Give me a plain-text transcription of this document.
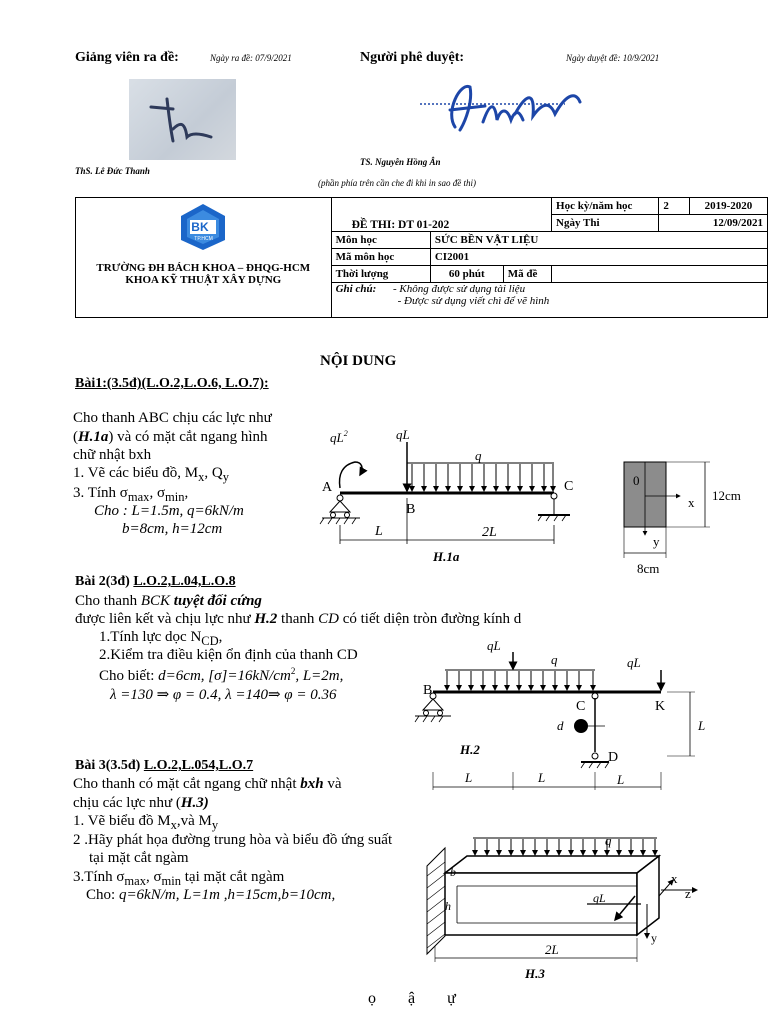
Giảng viên ra đề:	Ngày ra đề: 07/9/2021	Người phê duyệt:	Ngày duyệt đề: 10/9/2021
ThS. Lê Đức Thanh
TS. Nguyễn Hồng Ân
(phần phía trên cần che đi khi in sao đề thi)
BK
TP.HCM
TRƯỜNG ĐH BÁCH KHOA – ĐHQG-HCM
KHOA KỸ THUẬT XÂY DỰNG	ĐỀ THI: DT 01-202			Học kỳ/năm học	2	2019-2020
				Ngày Thi	12/09/2021	
	Môn học	SỨC BỀN VẬT LIỆU				
	Mã môn học	CI2001				
	Thời lượng	60 phút	Mã đề			
	Ghi chú: - Không được sử dụng tài liệu
- Được sử dụng viết chì để vẽ hình					
NỘI DUNG
Bài1:(3.5đ)(L.O.2,L.O.6, L.O.7):
Cho thanh ABC chịu các lực như
(H.1a) và có mặt cắt ngang hình
chữ nhật bxh
1. Vẽ các biểu đồ, $M_x$, $Q_y$
3. Tính $\sigma_{max}$, $\sigma_{min}$,
Cho : L=1.5m, q=6kN/m
b=8cm, h=12cm
$qL^2$	qL
q
A
B
C
L	2L
H.1a
0
x
y
12cm
8cm
Bài 2(3đ) L.O.2,L.04,L.O.8
Cho thanh BCK tuyệt đối cứng
được liên kết và chịu lực như H.2 thanh CD có tiết diện tròn đường kính d
1.Tính lực dọc $N_{CD}$,
2.Kiểm tra điều kiện ổn định của thanh CD
Cho biết: d=6cm, $[\sigma]=16kN/cm^2$, L=2m,
λ =130 ⇒ φ = 0.4, λ =140⇒ φ = 0.36
qL
q	qL
B
C	K
d
D
L
H.2
L	L	L
Bài 3(3.5đ) L.O.2,L.054,L.O.7
Cho thanh có mặt cắt ngang chữ nhật bxh và
chịu các lực như (H.3)
1. Vẽ biểu đồ $M_x,và$ $M_y$
2 .Hãy phát họa đường trung hòa và biểu đồ ứng suất
tại mặt cắt ngàm
3.Tính $\sigma_{max}$, $\sigma_{min}$ tại mặt cắt ngàm
Cho: q=6kN/m, L=1m ,h=15cm,b=10cm,
q
b
h
qL
x
z
y
2L
H.3
ọ        ậ        ự
